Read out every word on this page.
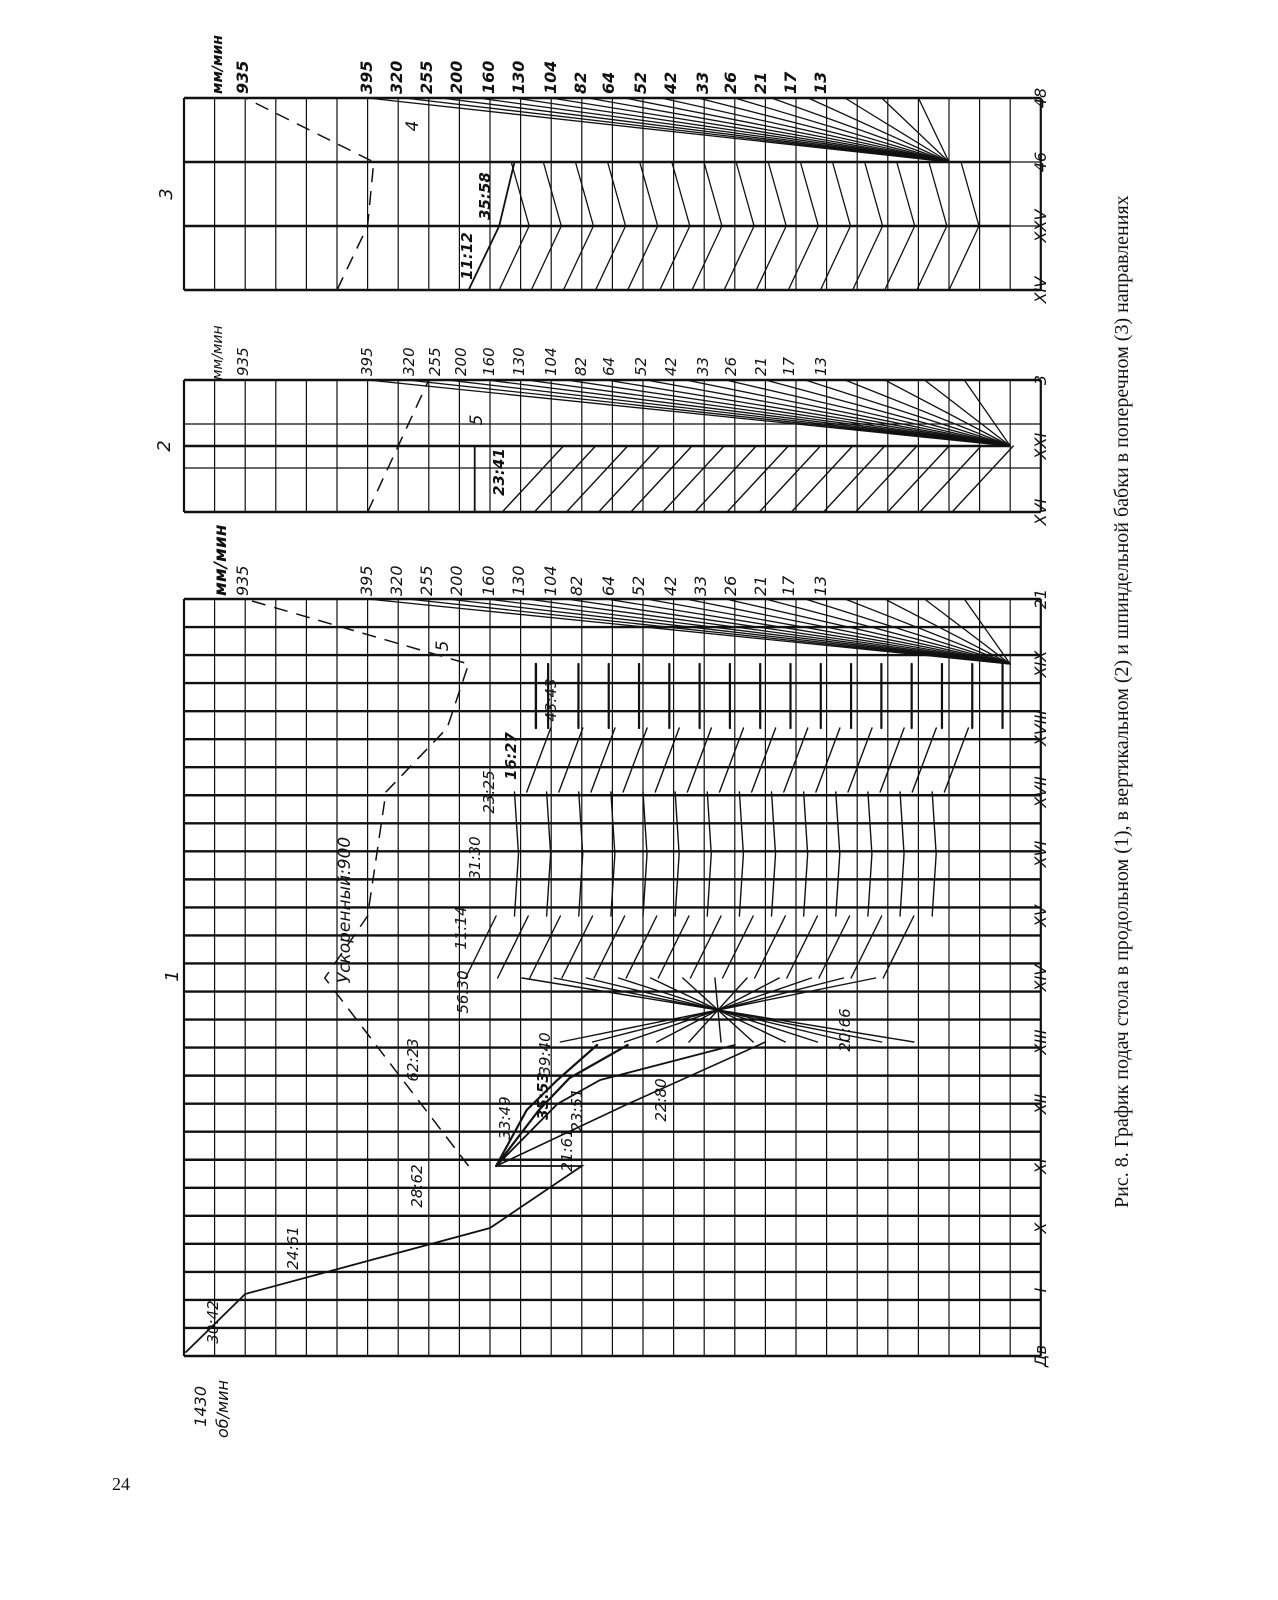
1
мм/мин 935	395 320 255 200 160 130 104 82 64 52 42 33 26 21 17 13
Дв
I
X
XI
XII
XIII
XIV
XV
XVI
XVII
XVIII
XIX
21
1430 об/мин
30:42
24:61
28:62
33:49
21:61
23:51
35:53	22:80
39:40
20:66
56:30
11:14
31:30
23:25
16:27
43:43
62:23
Ускоренный:900
5
2
мм/мин 935	395 320 255 200 160 130 104 82 64 52 42 33 26 21 17 13
XVI
XXI
3
23:41
5
3
мм/мин 935	395 320 255 200 160 130 104 82 64 52 42 33 26 21 17 13
XIV
XXV
46
48
11:12
35:58
4
Рис. 8. График подач стола в продольном (1), в вертикальном (2) и шпиндельной бабки в поперечном (3) направлениях
24
